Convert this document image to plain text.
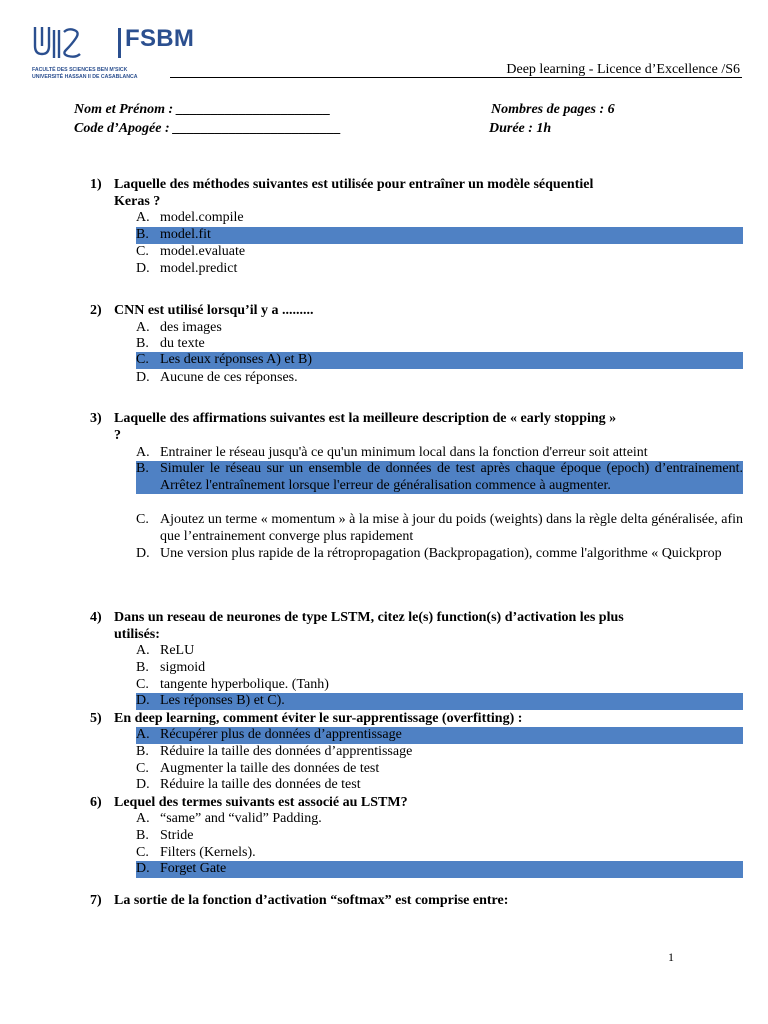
FSBM
FACULTÉ DES SCIENCES BEN M'SICK
UNIVERSITÉ HASSAN II DE CASABLANCA	Deep learning - Licence d’Excellence /S6
Nom et Prénom : ______________________
Code d’Apogée : ________________________
Nombres de pages : 6
Durée : 1h
1) Laquelle des méthodes suivantes est utilisée pour entraîner un modèle séquentiel
Keras ?
A. model.compile
B. model.fit
C. model.evaluate
D. model.predict
2) CNN est utilisé lorsqu’il y a .........
A. des images
B. du texte
C. Les deux réponses A) et B)
D. Aucune de ces réponses.
3) Laquelle des affirmations suivantes est la meilleure description de « early stopping »
?
A. Entrainer le réseau jusqu'à ce qu'un minimum local dans la fonction d'erreur soit atteint
B. Simuler le réseau sur un ensemble de données de test après chaque époque (epoch) d’entrainement. Arrêtez l'entraînement lorsque l'erreur de généralisation commence à augmenter.
C. Ajoutez un terme « momentum » à la mise à jour du poids (weights) dans la règle delta généralisée, afin que l’entrainement converge plus rapidement
D. Une version plus rapide de la rétropropagation (Backpropagation), comme l'algorithme « Quickprop
4) Dans un reseau de neurones de type LSTM, citez le(s) function(s) d’activation les plus
utilisés:
A. ReLU
B. sigmoid
C. tangente hyperbolique. (Tanh)
D. Les réponses B) et C).
5) En deep learning, comment éviter le sur-apprentissage (overfitting) :
A. Récupérer plus de données d’apprentissage
B. Réduire la taille des données d’apprentissage
C. Augmenter la taille des données de test
D. Réduire la taille des données de test
6) Lequel des termes suivants est associé au LSTM?
A. “same” and “valid” Padding.
B. Stride
C. Filters (Kernels).
D. Forget Gate
7) La sortie de la fonction d’activation “softmax” est comprise entre:
1
